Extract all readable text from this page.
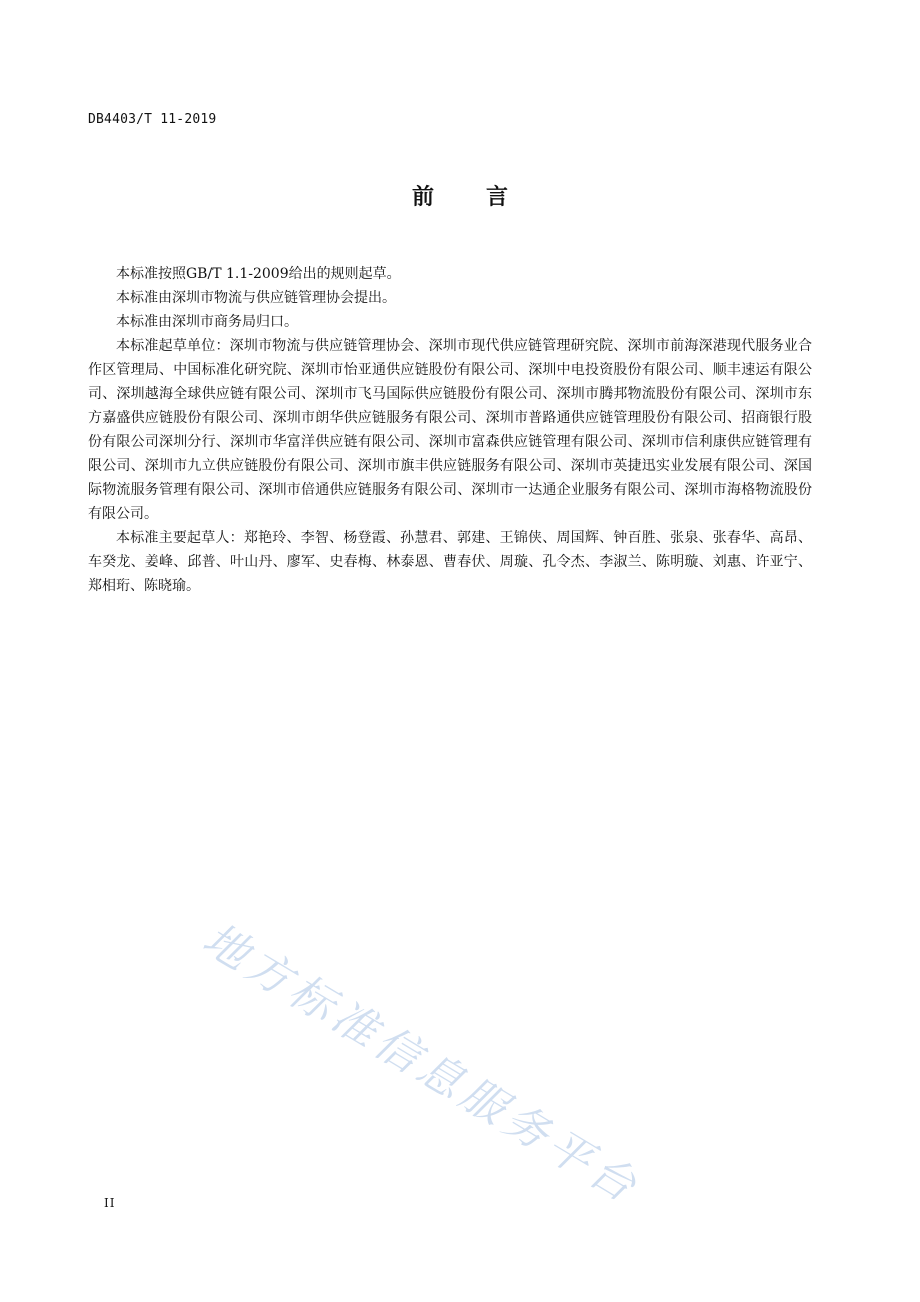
DB4403/T 11-2019
前 言

本标准按照GB/T 1.1-2009给出的规则起草。

本标准由深圳市物流与供应链管理协会提出。

本标准由深圳市商务局归口。

本标准起草单位：深圳市物流与供应链管理协会、深圳市现代供应链管理研究院、深圳市前海深港现代服务业合作区管理局、中国标准化研究院、深圳市怡亚通供应链股份有限公司、深圳中电投资股份有限公司、顺丰速运有限公司、深圳越海全球供应链有限公司、深圳市飞马国际供应链股份有限公司、深圳市腾邦物流股份有限公司、深圳市东方嘉盛供应链股份有限公司、深圳市朗华供应链服务有限公司、深圳市普路通供应链管理股份有限公司、招商银行股份有限公司深圳分行、深圳市华富洋供应链有限公司、深圳市富森供应链管理有限公司、深圳市信利康供应链管理有限公司、深圳市九立供应链股份有限公司、深圳市旗丰供应链服务有限公司、深圳市英捷迅实业发展有限公司、深国际物流服务管理有限公司、深圳市倍通供应链服务有限公司、深圳市一达通企业服务有限公司、深圳市海格物流股份有限公司。

本标准主要起草人：郑艳玲、李智、杨登霞、孙慧君、郭建、王锦侠、周国辉、钟百胜、张泉、张春华、高昂、车癸龙、姜峰、邱普、叶山丹、廖军、史春梅、林泰恩、曹春伏、周璇、孔令杰、李淑兰、陈明璇、刘惠、许亚宁、郑相珩、陈晓瑜。

地方标准信息服务平台
II
